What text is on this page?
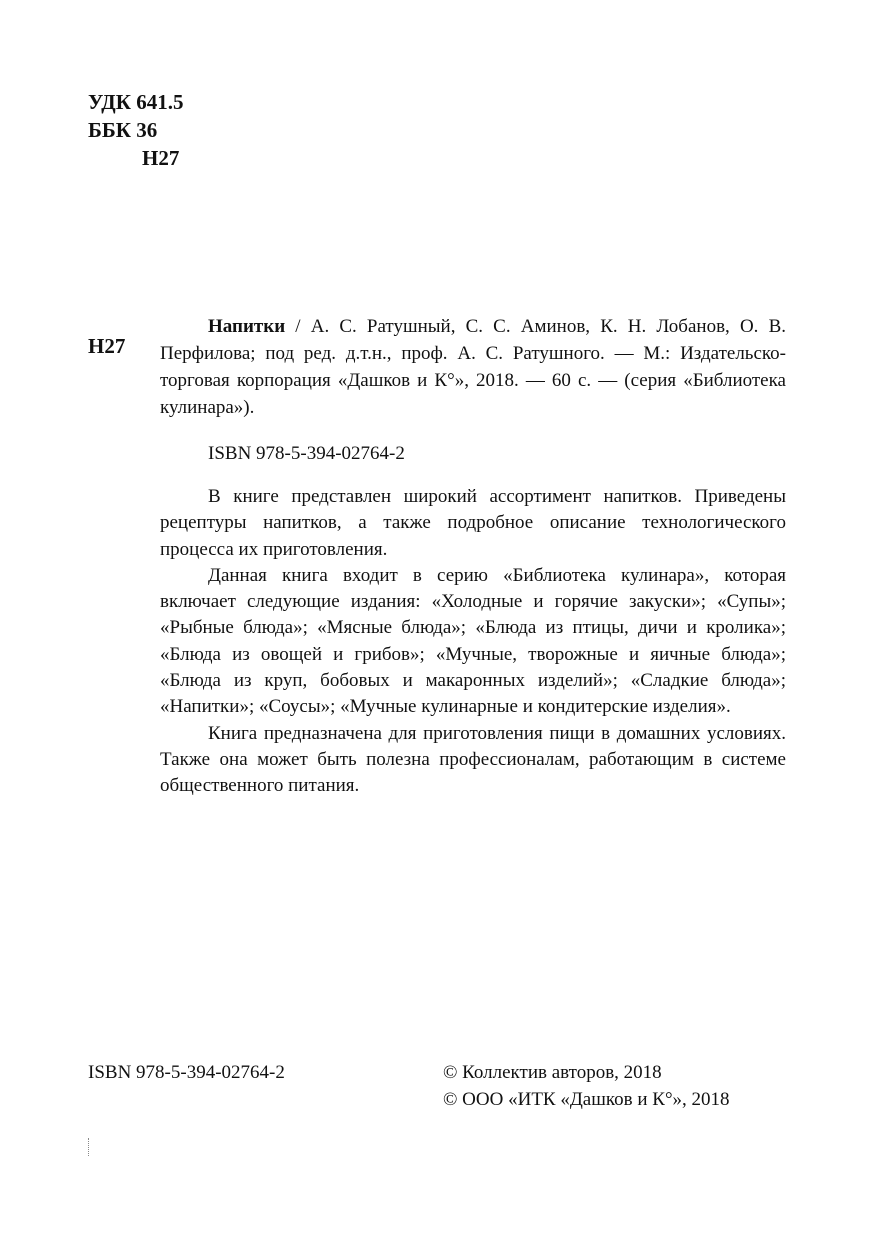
УДК 641.5
ББК 36
Н27
Н27

Напитки / А. С. Ратушный, С. С. Аминов, К. Н. Лобанов, О. В. Перфилова; под ред. д.т.н., проф. А. С. Ратушного. — М.: Издательско-торговая корпорация «Дашков и К°», 2018. — 60 с. — (серия «Библиотека кулинара»).

ISBN 978-5-394-02764-2

В книге представлен широкий ассортимент напитков. Приведены рецептуры напитков, а также подробное описание технологического процесса их приготовления.

Данная книга входит в серию «Библиотека кулинара», которая включает следующие издания: «Холодные и горячие закуски»; «Супы»; «Рыбные блюда»; «Мясные блюда»; «Блюда из птицы, дичи и кролика»; «Блюда из овощей и грибов»; «Мучные, творожные и яичные блюда»; «Блюда из круп, бобовых и макаронных изделий»; «Сладкие блюда»; «Напитки»; «Соусы»; «Мучные кулинарные и кондитерские изделия».

Книга предназначена для приготовления пищи в домашних условиях. Также она может быть полезна профессионалам, работающим в системе общественного питания.

ISBN 978-5-394-02764-2	© Коллектив авторов, 2018
© ООО «ИТК «Дашков и К°», 2018
